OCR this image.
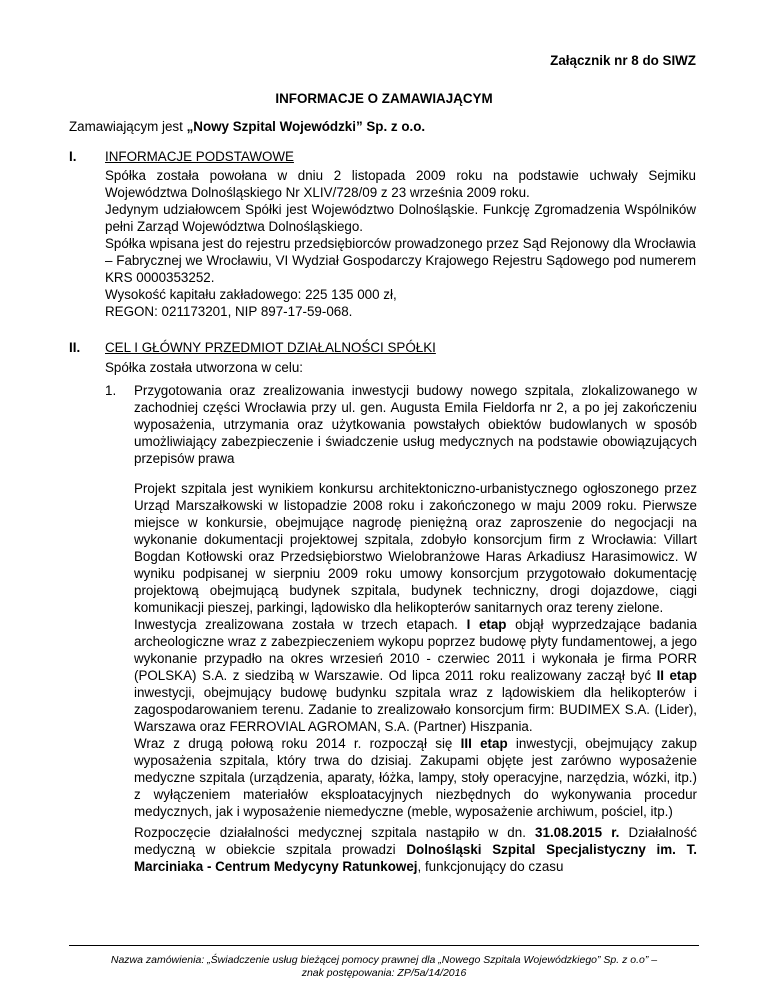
Załącznik nr 8 do SIWZ
INFORMACJE O ZAMAWIAJĄCYM
Zamawiającym jest „Nowy Szpital Wojewódzki” Sp. z o.o.
I. INFORMACJE PODSTAWOWE

Spółka została powołana w dniu 2 listopada 2009 roku na podstawie uchwały Sejmiku Województwa Dolnośląskiego Nr XLIV/728/09 z 23 września 2009 roku.

Jedynym udziałowcem Spółki jest Województwo Dolnośląskie. Funkcję Zgromadzenia Wspólników pełni Zarząd Województwa Dolnośląskiego.

Spółka wpisana jest do rejestru przedsiębiorców prowadzonego przez Sąd Rejonowy dla Wrocławia – Fabrycznej we Wrocławiu, VI Wydział Gospodarczy Krajowego Rejestru Sądowego pod numerem KRS 0000353252.

Wysokość kapitału zakładowego: 225 135 000 zł,

REGON: 021173201, NIP 897-17-59-068.

II. CEL I GŁÓWNY PRZEDMIOT DZIAŁALNOŚCI SPÓŁKI
Spółka została utworzona w celu:
1. Przygotowania oraz zrealizowania inwestycji budowy nowego szpitala, zlokalizowanego w zachodniej części Wrocławia przy ul. gen. Augusta Emila Fieldorfa nr 2, a po jej zakończeniu wyposażenia, utrzymania oraz użytkowania powstałych obiektów budowlanych w sposób umożliwiający zabezpieczenie i świadczenie usług medycznych na podstawie obowiązujących przepisów prawa

Projekt szpitala jest wynikiem konkursu architektoniczno-urbanistycznego ogłoszonego przez Urząd Marszałkowski w listopadzie 2008 roku i zakończonego w maju 2009 roku. Pierwsze miejsce w konkursie, obejmujące nagrodę pieniężną oraz zaproszenie do negocjacji na wykonanie dokumentacji projektowej szpitala, zdobyło konsorcjum firm z Wrocławia: Villart Bogdan Kotłowski oraz Przedsiębiorstwo Wielobranżowe Haras Arkadiusz Harasimowicz. W wyniku podpisanej w sierpniu 2009 roku umowy konsorcjum przygotowało dokumentację projektową obejmującą budynek szpitala, budynek techniczny, drogi dojazdowe, ciągi komunikacji pieszej, parkingi, lądowisko dla helikopterów sanitarnych oraz tereny zielone.

Inwestycja zrealizowana została w trzech etapach. I etap objął wyprzedzające badania archeologiczne wraz z zabezpieczeniem wykopu poprzez budowę płyty fundamentowej, a jego wykonanie przypadło na okres wrzesień 2010 - czerwiec 2011 i wykonała je firma PORR (POLSKA) S.A. z siedzibą w Warszawie. Od lipca 2011 roku realizowany zaczął być II etap inwestycji, obejmujący budowę budynku szpitala wraz z lądowiskiem dla helikopterów i zagospodarowaniem terenu. Zadanie to zrealizowało konsorcjum firm: BUDIMEX S.A. (Lider), Warszawa oraz FERROVIAL AGROMAN, S.A. (Partner) Hiszpania.

Wraz z drugą połową roku 2014 r. rozpoczął się III etap inwestycji, obejmujący zakup wyposażenia szpitala, który trwa do dzisiaj. Zakupami objęte jest zarówno wyposażenie medyczne szpitala (urządzenia, aparaty, łóżka, lampy, stoły operacyjne, narzędzia, wózki, itp.) z wyłączeniem materiałów eksploatacyjnych niezbędnych do wykonywania procedur medycznych, jak i wyposażenie niemedyczne (meble, wyposażenie archiwum, pościel, itp.)

Rozpoczęcie działalności medycznej szpitala nastąpiło w dn. 31.08.2015 r. Działalność medyczną w obiekcie szpitala prowadzi Dolnośląski Szpital Specjalistyczny im. T. Marciniaka - Centrum Medycyny Ratunkowej, funkcjonujący do czasu

Nazwa zamówienia: „Świadczenie usług bieżącej pomocy prawnej dla „Nowego Szpitala Wojewódzkiego” Sp. z o.o” –
znak postępowania: ZP/5a/14/2016
